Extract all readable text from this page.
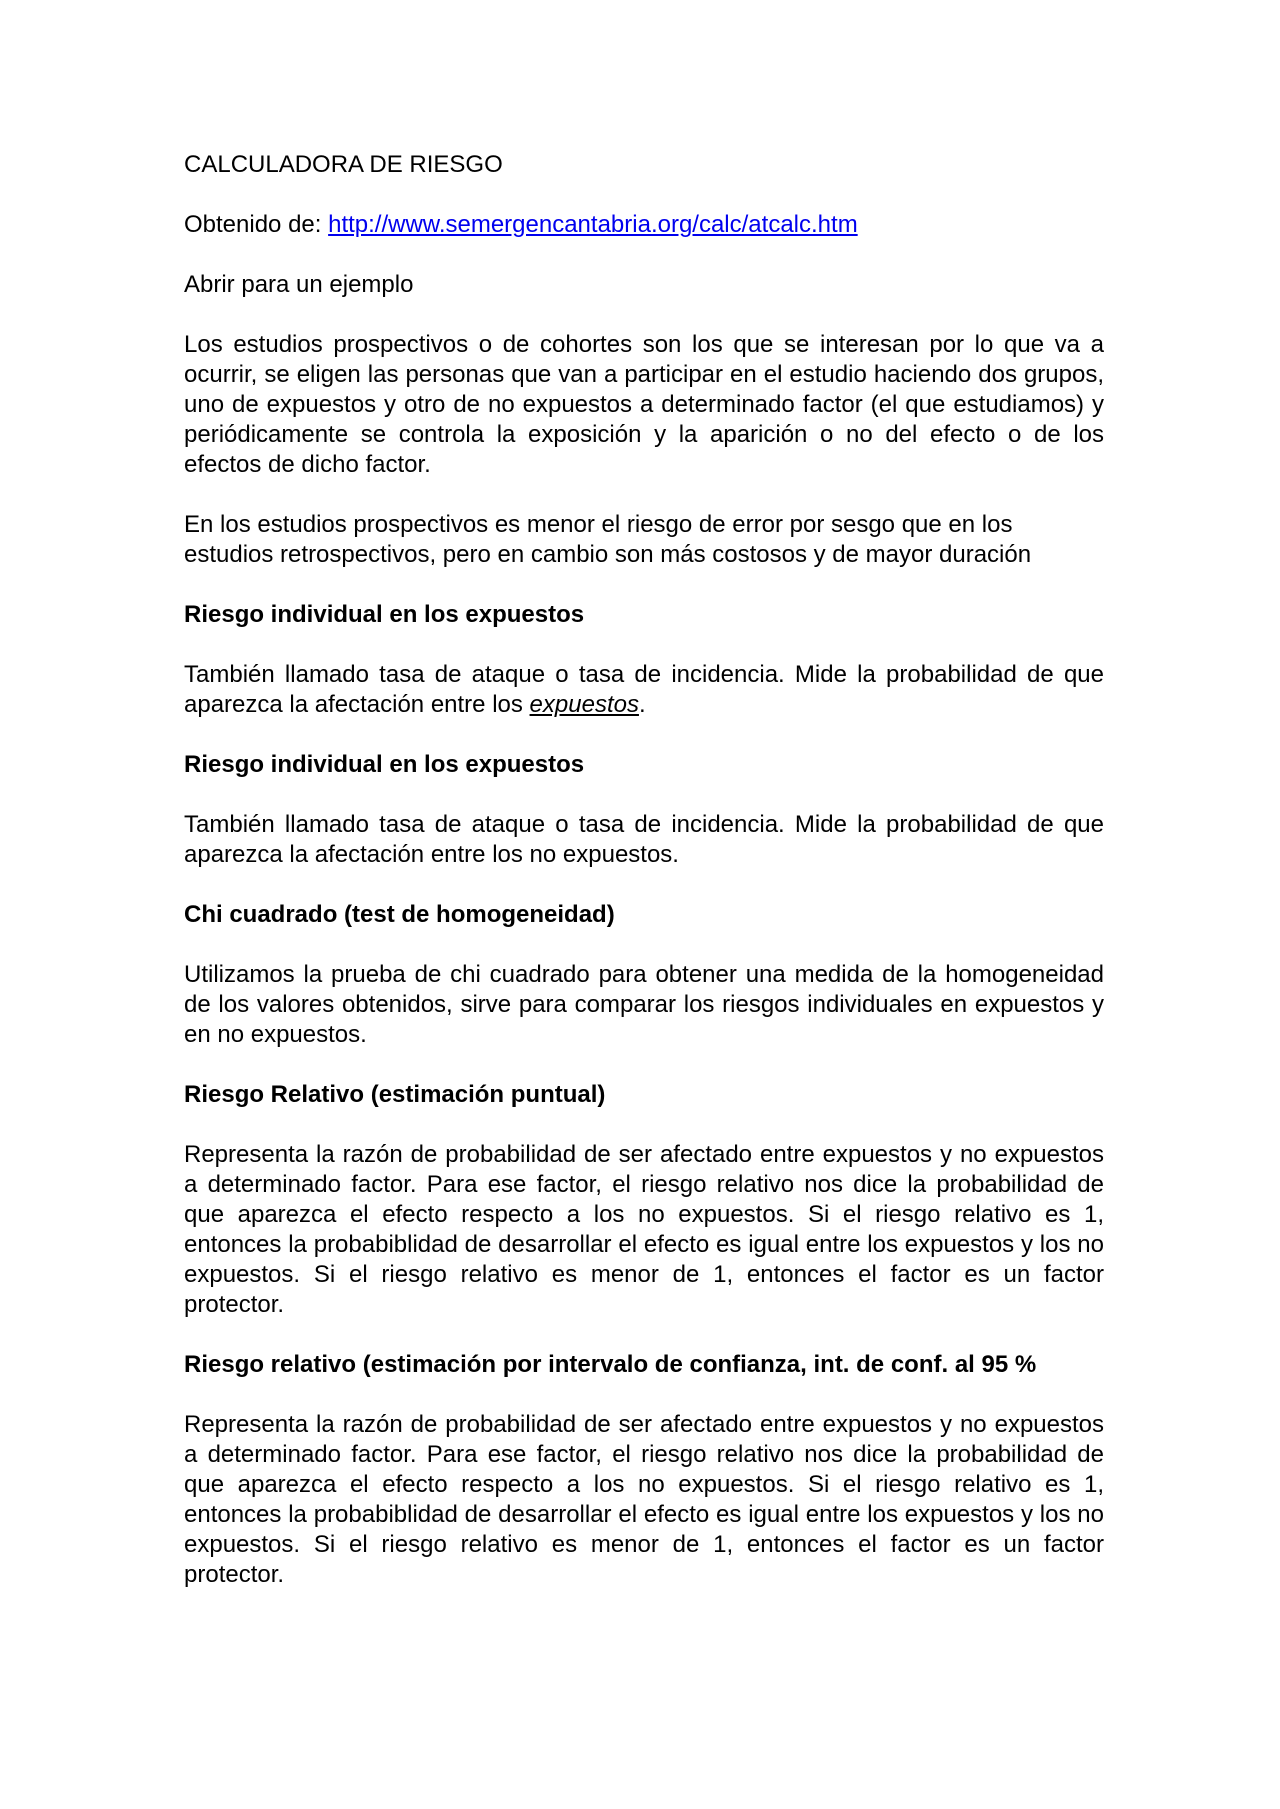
CALCULADORA DE RIESGO

Obtenido de: http://www.semergencantabria.org/calc/atcalc.htm

Abrir para un ejemplo

Los estudios prospectivos o de cohortes son los que se interesan por lo que va a ocurrir, se eligen las personas que van a participar en el estudio haciendo dos grupos, uno de expuestos y otro de no expuestos a determinado factor (el que estudiamos) y periódicamente se controla la exposición y la aparición o no del efecto o de los efectos de dicho factor.

En los estudios prospectivos es menor el riesgo de error por sesgo que en los estudios retrospectivos, pero en cambio son más costosos y de mayor duración

Riesgo individual en los expuestos

También llamado tasa de ataque o tasa de incidencia. Mide la probabilidad de que aparezca la afectación entre los expuestos.

Riesgo individual en los expuestos

También llamado tasa de ataque o tasa de incidencia. Mide la probabilidad de que aparezca la afectación entre los no expuestos.

Chi cuadrado (test de homogeneidad)

Utilizamos la prueba de chi cuadrado para obtener una medida de la homogeneidad de los valores obtenidos, sirve para comparar los riesgos individuales en expuestos y en no expuestos.

Riesgo Relativo (estimación puntual)

Representa la razón de probabilidad de ser afectado entre expuestos y no expuestos a determinado factor. Para ese factor, el riesgo relativo nos dice la probabilidad de que aparezca el efecto respecto a los no expuestos. Si el riesgo relativo es 1, entonces la probabiblidad de desarrollar el efecto es igual entre los expuestos y los no expuestos. Si el riesgo relativo es menor de 1, entonces el factor es un factor protector.

Riesgo relativo (estimación por intervalo de confianza, int. de conf. al 95 %

Representa la razón de probabilidad de ser afectado entre expuestos y no expuestos a determinado factor. Para ese factor, el riesgo relativo nos dice la probabilidad de que aparezca el efecto respecto a los no expuestos. Si el riesgo relativo es 1, entonces la probabiblidad de desarrollar el efecto es igual entre los expuestos y los no expuestos. Si el riesgo relativo es menor de 1, entonces el factor es un factor protector.
